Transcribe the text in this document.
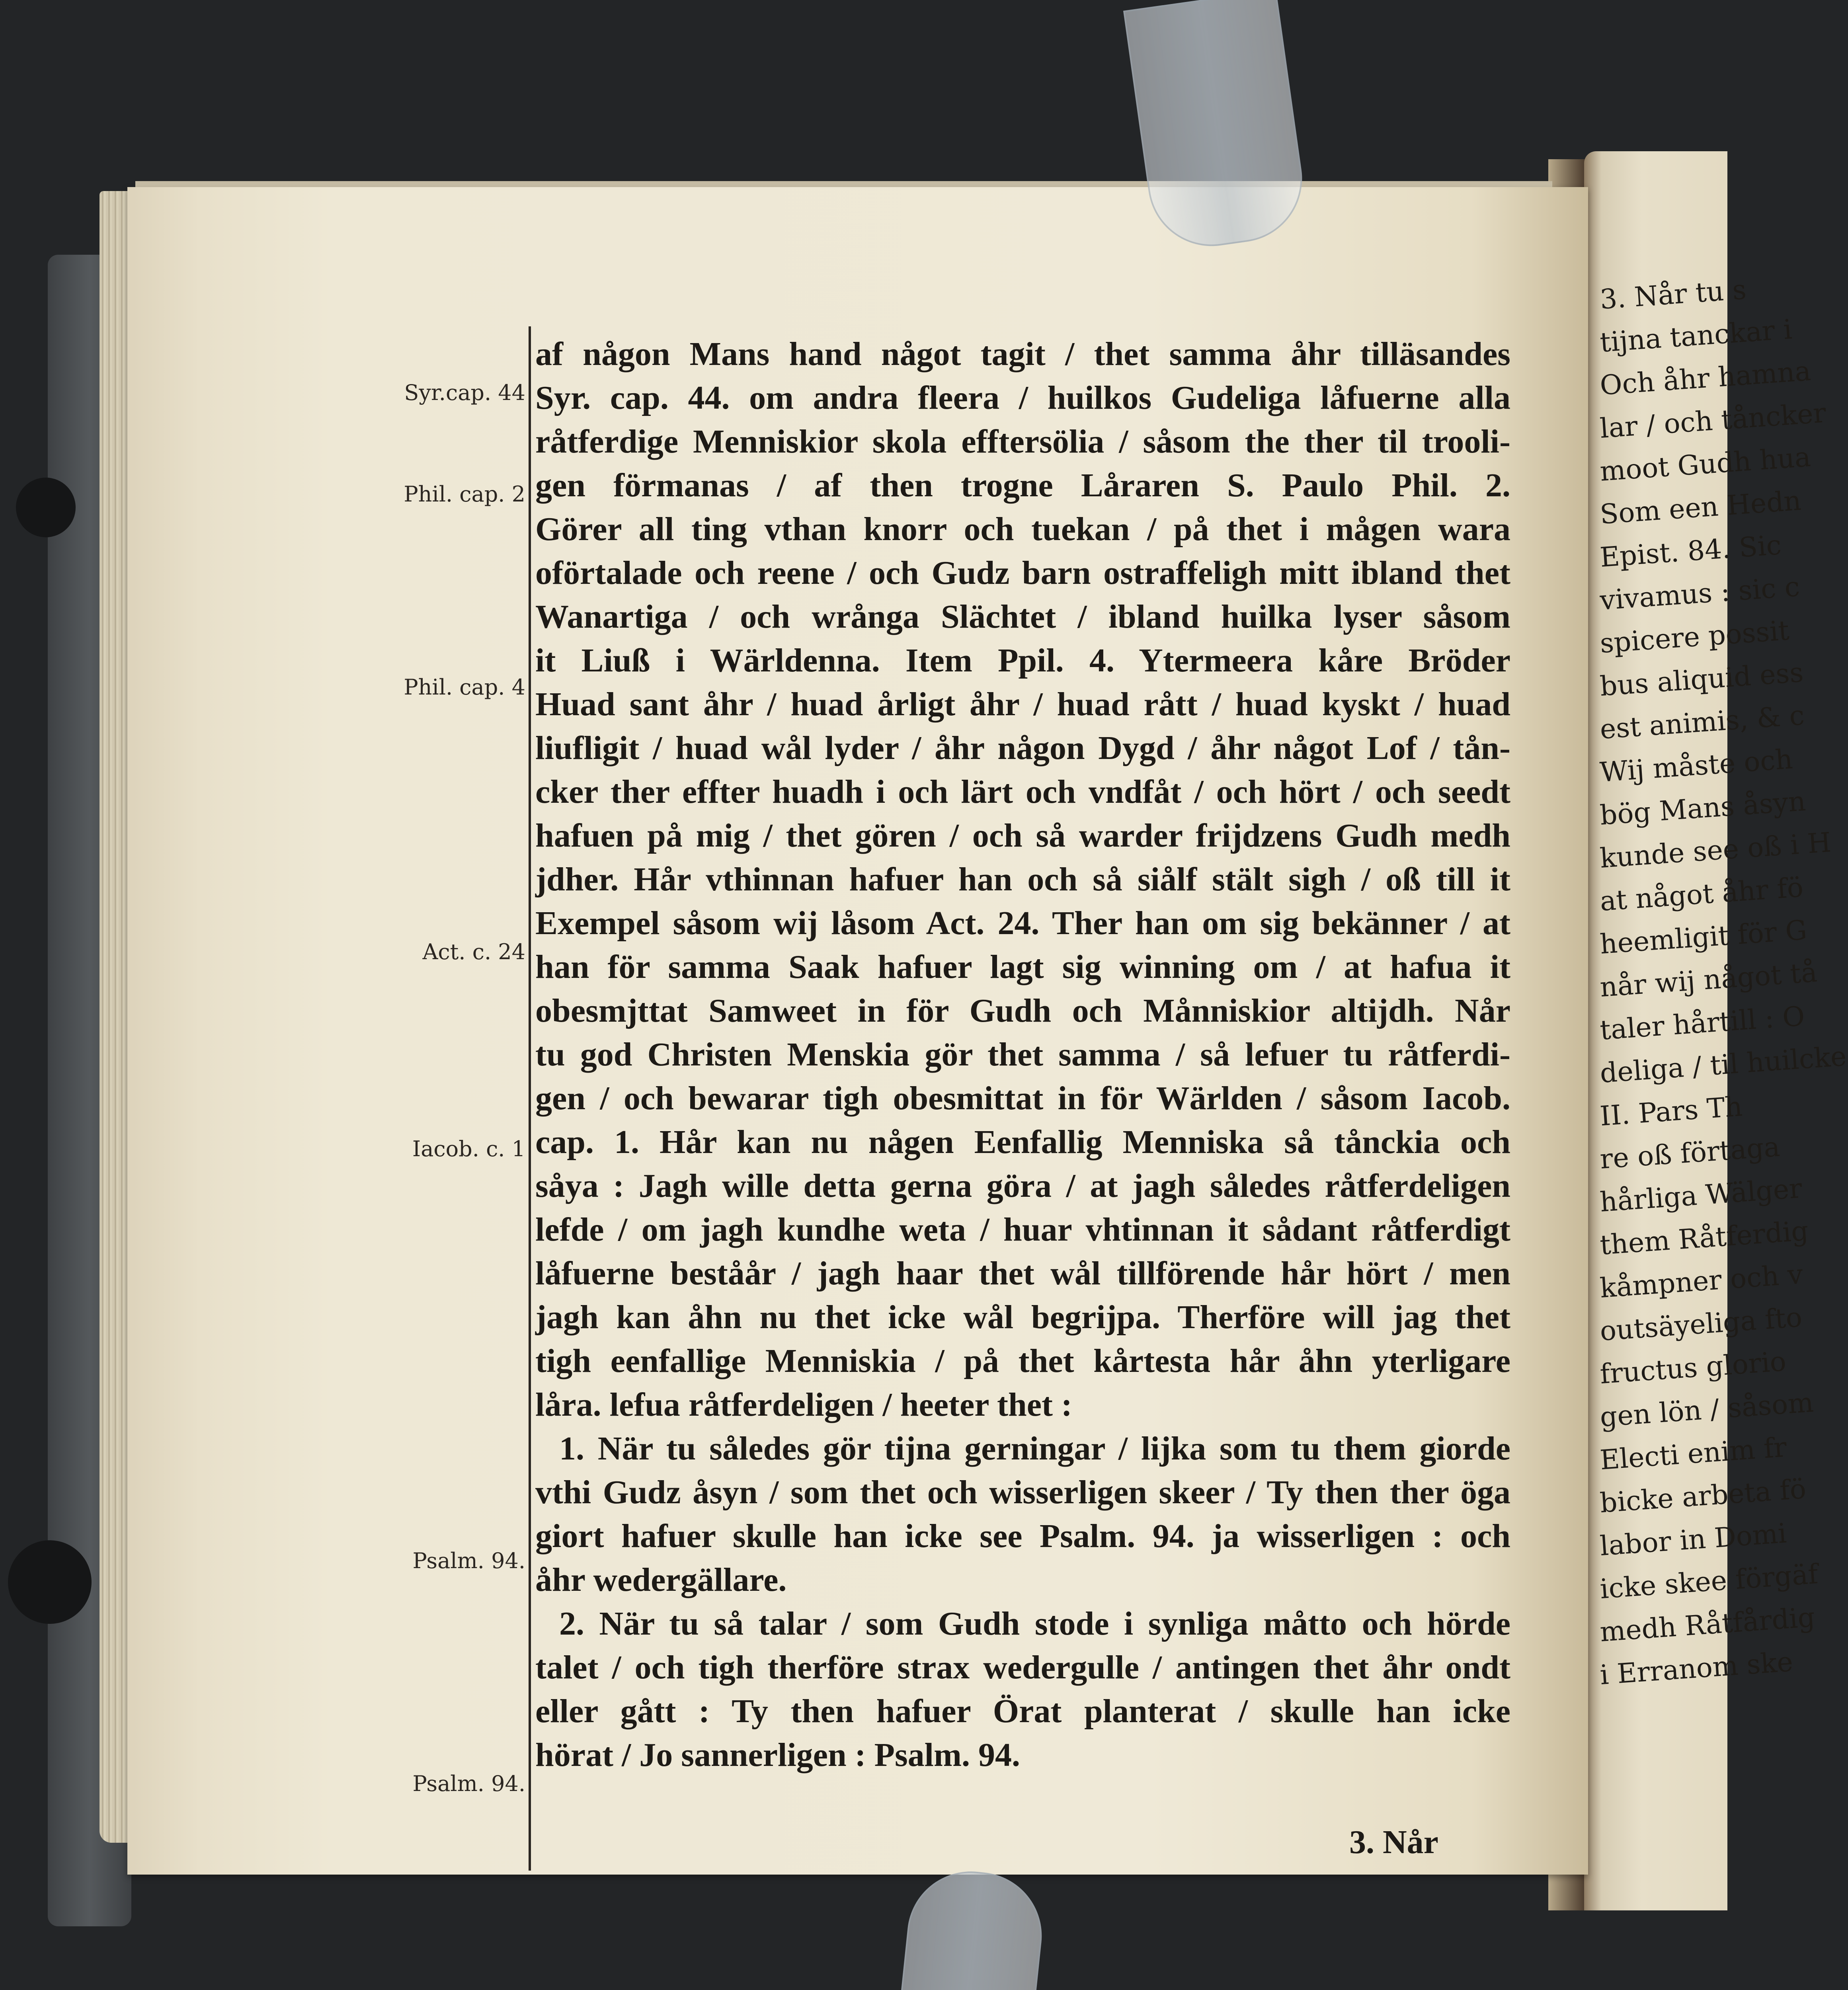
3. Når tu s
tijna tanckar i
Och åhr hamna
lar / och tåncker
moot Gudh hua
Som een Hedn
Epist. 84. Sic
vivamus : sic c
spicere possit
bus aliquid ess
est animis, & c
Wij måste och
bög Mans åsyn
kunde see oß i H
at något åhr fö
heemligit för G
når wij något tå
taler hårtill : O
deliga / til huilcke
II. Pars Th
re oß förtaga
hårliga Wälger
them Råtferdig
kåmpner och v
outsäyeliga fto
fructus glorio
gen lön / såsom
Electi enim fr
bicke arbeta fö
labor in Domi
icke skee förgäf
medh Råtfårdig
i Erranom ske
Syr.cap. 44
Phil. cap. 2
Phil. cap. 4
Act. c. 24
Iacob. c. 1
Psalm. 94.
Psalm. 94.
af någon Mans hand något tagit / thet samma åhr tilläsandes
Syr. cap. 44. om andra fleera / huilkos Gudeliga låfuerne alla
råtferdige Menniskior skola efftersölia / såsom the ther til trooli-
gen förmanas / af then trogne Låraren S. Paulo Phil. 2.
Görer all ting vthan knorr och tuekan / på thet i mågen wara
oförtalade och reene / och Gudz barn ostraffeligh mitt ibland thet
Wanartiga / och wrånga Slächtet / ibland huilka lyser såsom
it Liuß i Wärldenna. Item Ppil. 4. Ytermeera kåre Bröder
Huad sant åhr / huad årligt åhr / huad rått / huad kyskt / huad
liufligit / huad wål lyder / åhr någon Dygd / åhr något Lof / tån-
cker ther effter huadh i och lärt och vndfåt / och hört / och seedt
hafuen på mig / thet gören / och så warder frijdzens Gudh medh
jdher. Hår vthinnan hafuer han och så siålf stält sigh / oß till it
Exempel såsom wij låsom Act. 24. Ther han om sig bekänner / at
han för samma Saak hafuer lagt sig winning om / at hafua it
obesmjttat Samweet in för Gudh och Månniskior altijdh. Når
tu god Christen Menskia gör thet samma / så lefuer tu råtferdi-
gen / och bewarar tigh obesmittat in för Wärlden / såsom Iacob.
cap. 1. Hår kan nu någen Eenfallig Menniska så tånckia och
såya : Jagh wille detta gerna göra / at jagh således råtferdeligen
lefde / om jagh kundhe weta / huar vhtinnan it sådant råtferdigt
låfuerne beståår / jagh haar thet wål tillförende hår hört / men
jagh kan åhn nu thet icke wål begrijpa. Therföre will jag thet
tigh eenfallige Menniskia / på thet kårtesta hår åhn yterligare
låra. lefua råtferdeligen / heeter thet :
1. När tu således gör tijna gerningar / lijka som tu them giorde
vthi Gudz åsyn / som thet och wisserligen skeer / Ty then ther öga
giort hafuer skulle han icke see Psalm. 94. ja wisserligen : och
åhr wedergällare.
2. När tu så talar / som Gudh stode i synliga måtto och hörde
talet / och tigh therföre strax wedergulle / antingen thet åhr ondt
eller gått : Ty then hafuer Örat planterat / skulle han icke
hörat / Jo sannerligen : Psalm. 94.
3. Når
